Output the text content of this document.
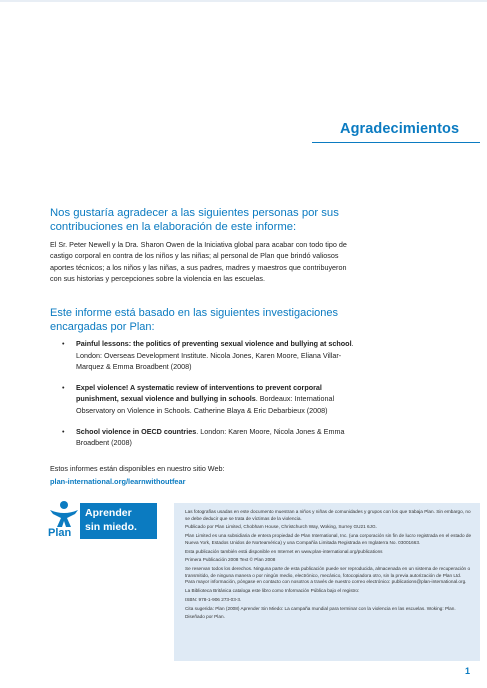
Agradecimientos
Nos gustaría agradecer a las siguientes personas por sus contribuciones en la elaboración de este informe:
El Sr. Peter Newell y la Dra. Sharon Owen de la Iniciativa global para acabar con todo tipo de castigo corporal en contra de los niños y las niñas; al personal de Plan que brindó valiosos aportes técnicos; a los niños y las niñas, a sus padres, madres y maestros que contribuyeron con sus historias y percepciones sobre la violencia en las escuelas.
Este informe está basado en las siguientes investigaciones encargadas por Plan:
• Painful lessons: the politics of preventing sexual violence and bullying at school. London: Overseas Development Institute. Nicola Jones, Karen Moore, Eliana Villar-Marquez & Emma Broadbent (2008)
• Expel violence! A systematic review of interventions to prevent corporal punishment, sexual violence and bullying in schools. Bordeaux: International Observatory on Violence in Schools. Catherine Blaya & Eric Debarbieux (2008)
• School violence in OECD countries. London: Karen Moore, Nicola Jones & Emma Broadbent (2008)
Estos informes están disponibles en nuestro sitio Web:
plan-international.org/learnwithoutfear
Plan
Aprender
sin miedo.

Las fotografías usadas en este documento muestran a niños y niñas de comunidades y grupos con los que trabaja Plan. Sin embargo, no se debe deducir que se trata de víctimas de la violencia.

Publicado por Plan Limited, Chobham House, Christchurch Way, Woking, Surrey GU21 6JG.

Plan Limited es una subsidiaria de entera propiedad de Plan International, Inc. (una corporación sin fin de lucro registrada en el estado de Nueva York, Estados Unidos de Norteamérica) y una Compañía Limitada Registrada en Inglaterra No. 03001663.

Esta publicación también está disponible en Internet en www.plan-international.org/publications

Primera Publicación 2008 Text © Plan 2008

Se reservan todos los derechos. Ninguna parte de esta publicación puede ser reproducida, almacenada en un sistema de recuperación o transmitido, de ninguna manera o por ningún medio, electrónico, mecánico, fotocopiadora otro, sin la previa autorización de Plan Ltd. Para mayor información, póngase en contacto con nosotros a través de nuestro correo electrónico: publications@plan-international.org.

La Biblioteca Británica cataloga este libro como Información Pública bajo el registro:

ISBN: 978-1-906 273-03-3.

Cita sugerida: Plan (2008) Aprender Sin Miedo: La campaña mundial para terminar con la violencia en las escuelas. Woking: Plan.

Diseñado por Plan.

1
